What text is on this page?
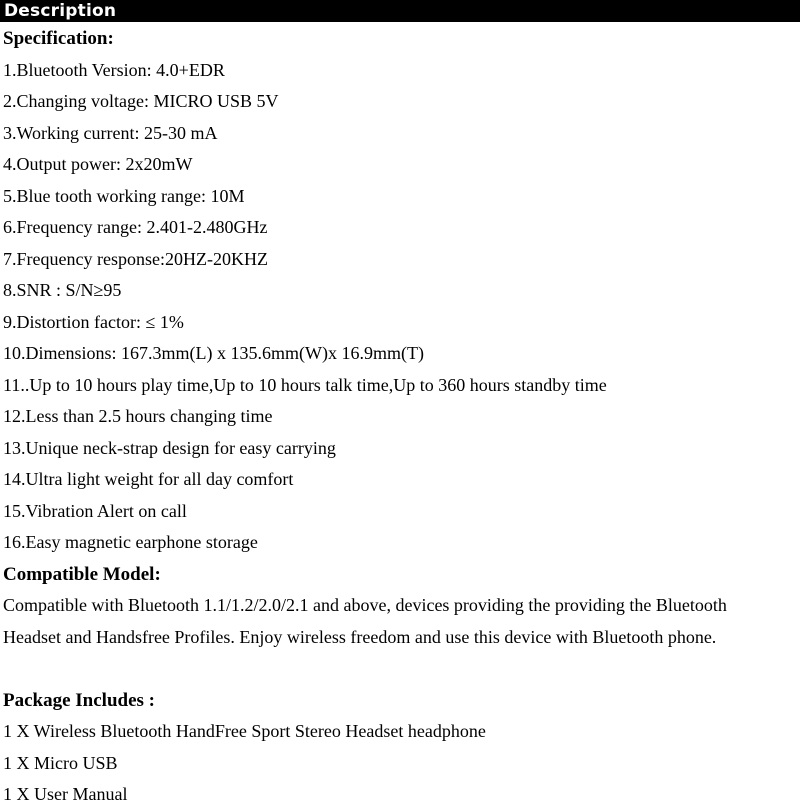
Description
Specification:
1.Bluetooth Version: 4.0+EDR
2.Changing voltage: MICRO USB 5V
3.Working current: 25-30 mA
4.Output power: 2x20mW
5.Blue tooth working range: 10M
6.Frequency range: 2.401-2.480GHz
7.Frequency response:20HZ-20KHZ
8.SNR : S/N≥95
9.Distortion factor: ≤ 1%
10.Dimensions: 167.3mm(L) x 135.6mm(W)x 16.9mm(T)
11..Up to 10 hours play time,Up to 10 hours talk time,Up to 360 hours standby time
12.Less than 2.5 hours changing time
13.Unique neck-strap design for easy carrying
14.Ultra light weight for all day comfort
15.Vibration Alert on call
16.Easy magnetic earphone storage
Compatible Model:
Compatible with Bluetooth 1.1/1.2/2.0/2.1 and above, devices providing the providing the Bluetooth
Headset and Handsfree Profiles. Enjoy wireless freedom and use this device with Bluetooth phone.
Package Includes :
1 X Wireless Bluetooth HandFree Sport Stereo Headset headphone
1 X Micro USB
1 X User Manual
